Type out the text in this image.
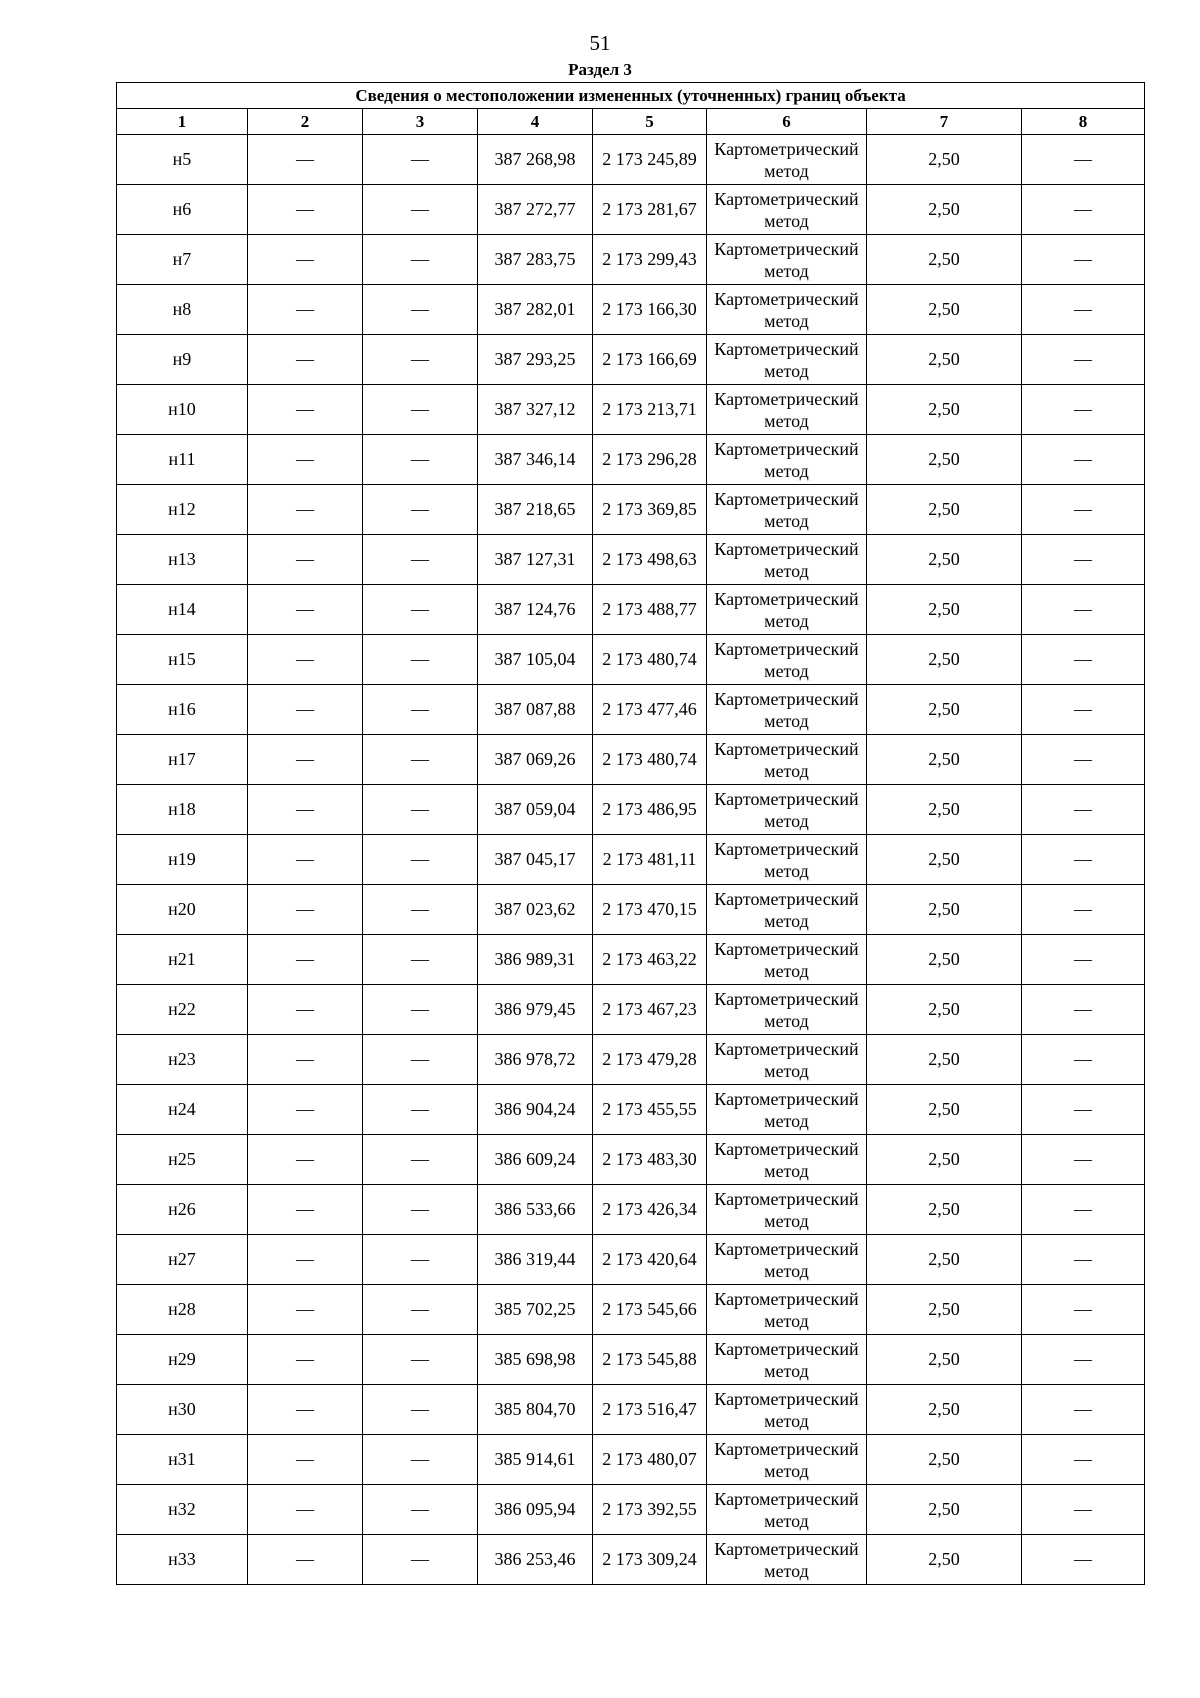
51
Раздел 3
Сведения о местоположении измененных (уточненных) границ объекта							
1	2	3	4	5	6	7	8
н5	—	—	387 268,98	2 173 245,89	Картометрический метод	2,50	—
н6	—	—	387 272,77	2 173 281,67	Картометрический метод	2,50	—
н7	—	—	387 283,75	2 173 299,43	Картометрический метод	2,50	—
н8	—	—	387 282,01	2 173 166,30	Картометрический метод	2,50	—
н9	—	—	387 293,25	2 173 166,69	Картометрический метод	2,50	—
н10	—	—	387 327,12	2 173 213,71	Картометрический метод	2,50	—
н11	—	—	387 346,14	2 173 296,28	Картометрический метод	2,50	—
н12	—	—	387 218,65	2 173 369,85	Картометрический метод	2,50	—
н13	—	—	387 127,31	2 173 498,63	Картометрический метод	2,50	—
н14	—	—	387 124,76	2 173 488,77	Картометрический метод	2,50	—
н15	—	—	387 105,04	2 173 480,74	Картометрический метод	2,50	—
н16	—	—	387 087,88	2 173 477,46	Картометрический метод	2,50	—
н17	—	—	387 069,26	2 173 480,74	Картометрический метод	2,50	—
н18	—	—	387 059,04	2 173 486,95	Картометрический метод	2,50	—
н19	—	—	387 045,17	2 173 481,11	Картометрический метод	2,50	—
н20	—	—	387 023,62	2 173 470,15	Картометрический метод	2,50	—
н21	—	—	386 989,31	2 173 463,22	Картометрический метод	2,50	—
н22	—	—	386 979,45	2 173 467,23	Картометрический метод	2,50	—
н23	—	—	386 978,72	2 173 479,28	Картометрический метод	2,50	—
н24	—	—	386 904,24	2 173 455,55	Картометрический метод	2,50	—
н25	—	—	386 609,24	2 173 483,30	Картометрический метод	2,50	—
н26	—	—	386 533,66	2 173 426,34	Картометрический метод	2,50	—
н27	—	—	386 319,44	2 173 420,64	Картометрический метод	2,50	—
н28	—	—	385 702,25	2 173 545,66	Картометрический метод	2,50	—
н29	—	—	385 698,98	2 173 545,88	Картометрический метод	2,50	—
н30	—	—	385 804,70	2 173 516,47	Картометрический метод	2,50	—
н31	—	—	385 914,61	2 173 480,07	Картометрический метод	2,50	—
н32	—	—	386 095,94	2 173 392,55	Картометрический метод	2,50	—
н33	—	—	386 253,46	2 173 309,24	Картометрический метод	2,50	—
